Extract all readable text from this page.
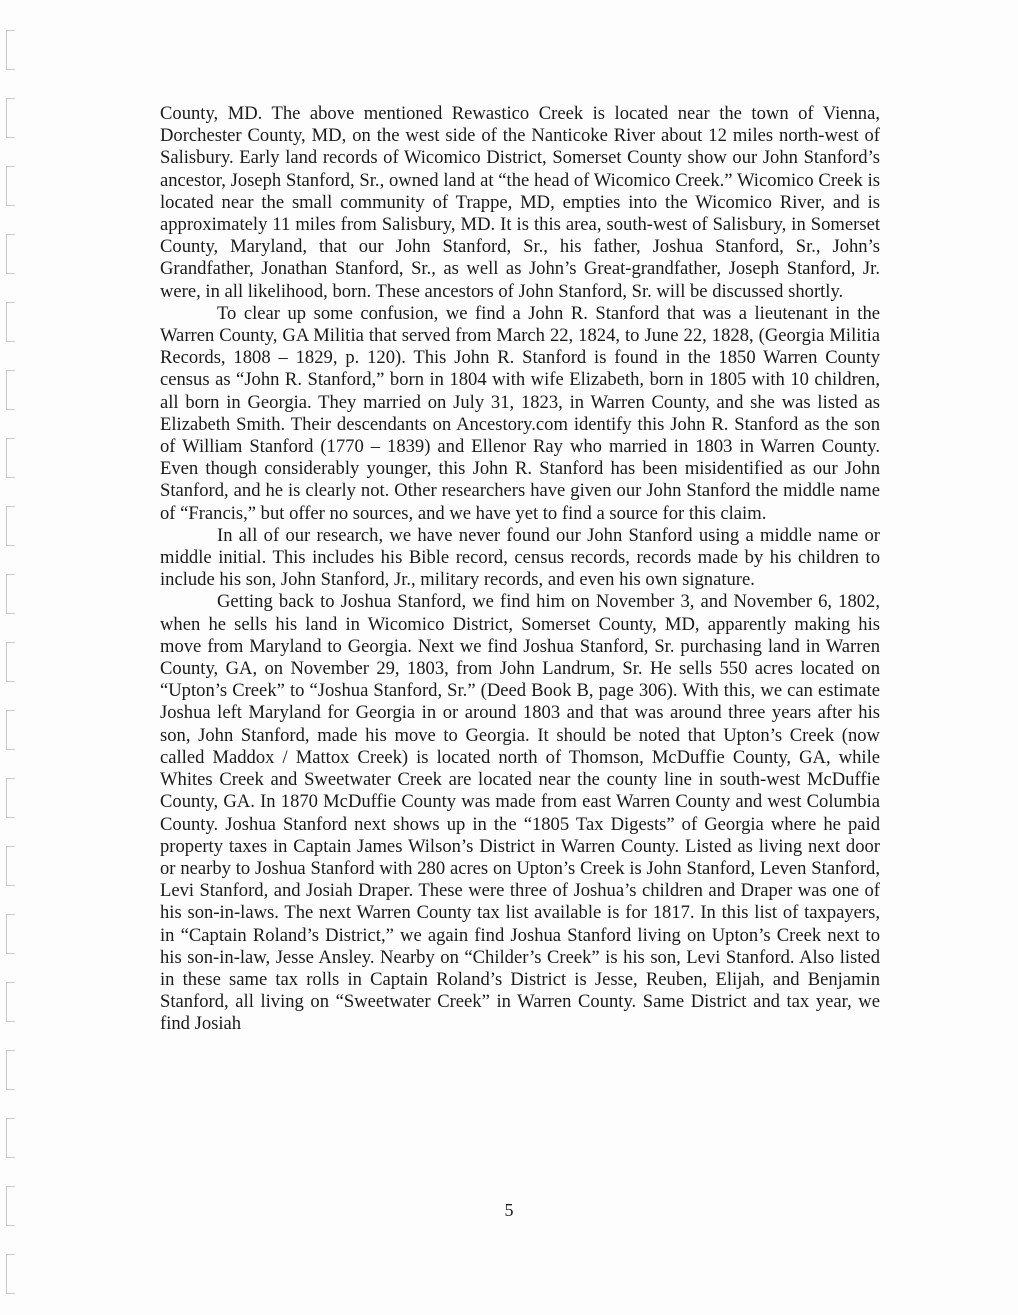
County, MD. The above mentioned Rewastico Creek is located near the town of Vienna, Dorchester County, MD, on the west side of the Nanticoke River about 12 miles north-west of Salisbury. Early land records of Wicomico District, Somerset County show our John Stanford’s ancestor, Joseph Stanford, Sr., owned land at “the head of Wicomico Creek.” Wicomico Creek is located near the small community of Trappe, MD, empties into the Wicomico River, and is approximately 11 miles from Salisbury, MD. It is this area, south-west of Salisbury, in Somerset County, Maryland, that our John Stanford, Sr., his father, Joshua Stanford, Sr., John’s Grandfather, Jonathan Stanford, Sr., as well as John’s Great-grandfather, Joseph Stanford, Jr. were, in all likelihood, born. These ancestors of John Stanford, Sr. will be discussed shortly.

To clear up some confusion, we find a John R. Stanford that was a lieutenant in the Warren County, GA Militia that served from March 22, 1824, to June 22, 1828, (Georgia Militia Records, 1808 – 1829, p. 120). This John R. Stanford is found in the 1850 Warren County census as “John R. Stanford,” born in 1804 with wife Elizabeth, born in 1805 with 10 children, all born in Georgia. They married on July 31, 1823, in Warren County, and she was listed as Elizabeth Smith. Their descendants on Ancestory.com identify this John R. Stanford as the son of William Stanford (1770 – 1839) and Ellenor Ray who married in 1803 in Warren County. Even though considerably younger, this John R. Stanford has been misidentified as our John Stanford, and he is clearly not. Other researchers have given our John Stanford the middle name of “Francis,” but offer no sources, and we have yet to find a source for this claim.

In all of our research, we have never found our John Stanford using a middle name or middle initial. This includes his Bible record, census records, records made by his children to include his son, John Stanford, Jr., military records, and even his own signature.

Getting back to Joshua Stanford, we find him on November 3, and November 6, 1802, when he sells his land in Wicomico District, Somerset County, MD, apparently making his move from Maryland to Georgia. Next we find Joshua Stanford, Sr. purchasing land in Warren County, GA, on November 29, 1803, from John Landrum, Sr. He sells 550 acres located on “Upton’s Creek” to “Joshua Stanford, Sr.” (Deed Book B, page 306). With this, we can estimate Joshua left Maryland for Georgia in or around 1803 and that was around three years after his son, John Stanford, made his move to Georgia. It should be noted that Upton’s Creek (now called Maddox / Mattox Creek) is located north of Thomson, McDuffie County, GA, while Whites Creek and Sweetwater Creek are located near the county line in south-west McDuffie County, GA. In 1870 McDuffie County was made from east Warren County and west Columbia County. Joshua Stanford next shows up in the “1805 Tax Digests” of Georgia where he paid property taxes in Captain James Wilson’s District in Warren County. Listed as living next door or nearby to Joshua Stanford with 280 acres on Upton’s Creek is John Stanford, Leven Stanford, Levi Stanford, and Josiah Draper. These were three of Joshua’s children and Draper was one of his son-in-laws. The next Warren County tax list available is for 1817. In this list of taxpayers, in “Captain Roland’s District,” we again find Joshua Stanford living on Upton’s Creek next to his son-in-law, Jesse Ansley. Nearby on “Childer’s Creek” is his son, Levi Stanford. Also listed in these same tax rolls in Captain Roland’s District is Jesse, Reuben, Elijah, and Benjamin Stanford, all living on “Sweetwater Creek” in Warren County. Same District and tax year, we find Josiah

5
